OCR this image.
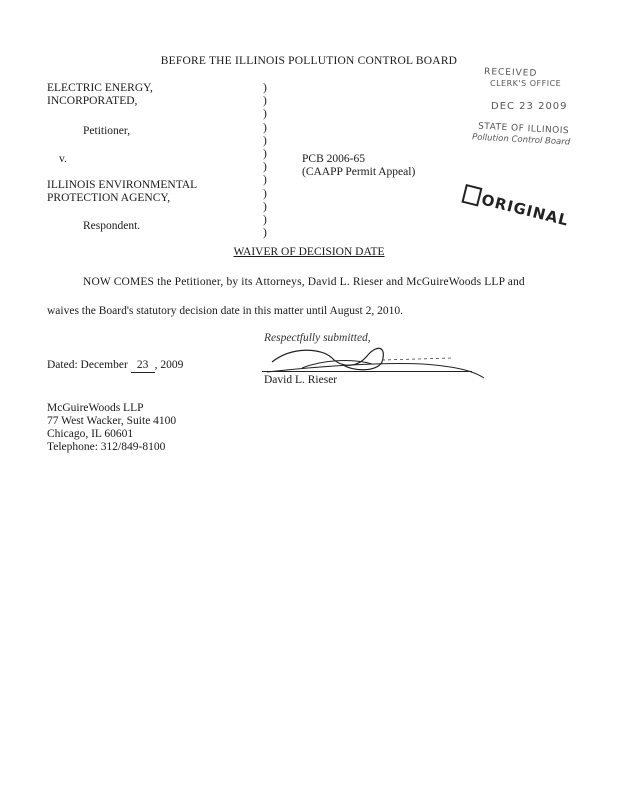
BEFORE THE ILLINOIS POLLUTION CONTROL BOARD
ELECTRIC ENERGY,
INCORPORATED,
Petitioner,
v.
ILLINOIS ENVIRONMENTAL
PROTECTION AGENCY,
Respondent.
)
)
)
)
)
)
)
)
)
)
)
)
PCB 2006-65
(CAAPP Permit Appeal)
RECEIVED
CLERK'S OFFICE
DEC 23 2009
STATE OF ILLINOIS
Pollution Control Board
ORIGINAL
WAIVER OF DECISION DATE
NOW COMES the Petitioner, by its Attorneys, David L. Rieser and McGuireWoods LLP and
waives the Board's statutory decision date in this matter until August 2, 2010.
Respectfully submitted,
David L. Rieser
Dated: December 23 , 2009
McGuireWoods LLP
77 West Wacker, Suite 4100
Chicago, IL 60601
Telephone: 312/849-8100
